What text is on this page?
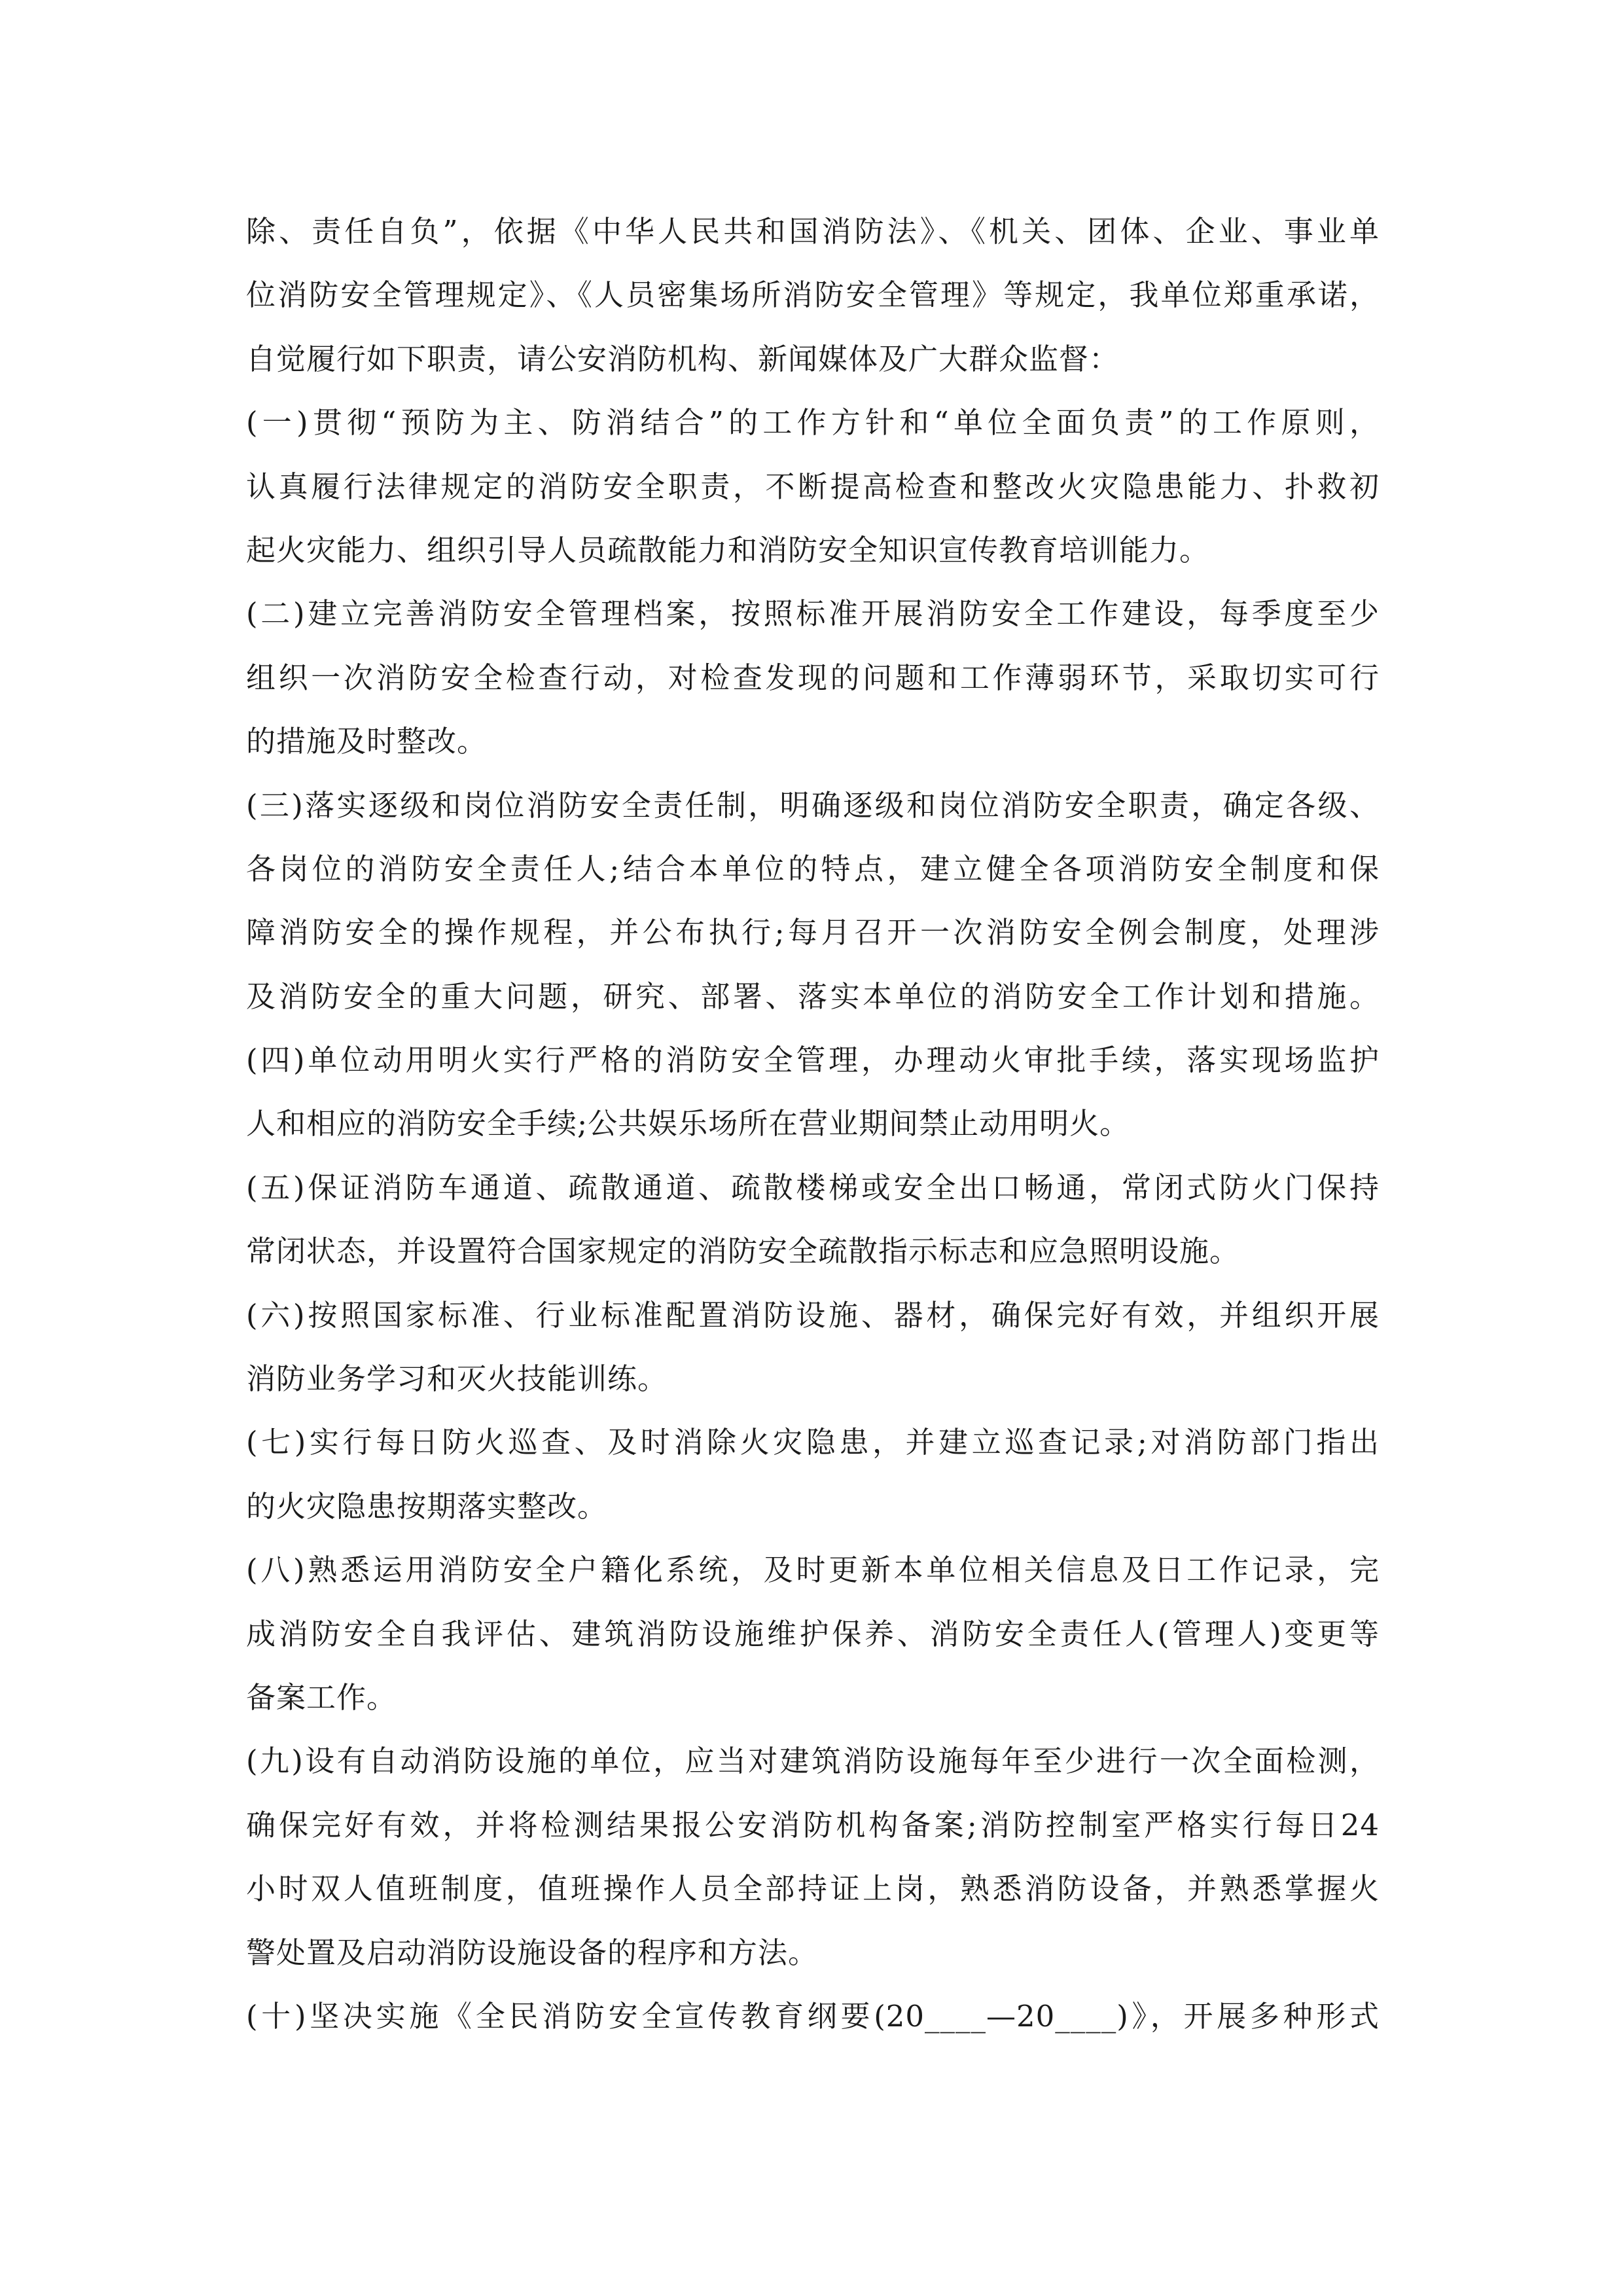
除、责任自负”，依据《中华人民共和国消防法》、《机关、团体、企业、事业单
位消防安全管理规定》、《人员密集场所消防安全管理》等规定，我单位郑重承诺，
自觉履行如下职责，请公安消防机构、新闻媒体及广大群众监督：
(一)贯彻“预防为主、防消结合”的工作方针和“单位全面负责”的工作原则，
认真履行法律规定的消防安全职责，不断提高检查和整改火灾隐患能力、扑救初
起火灾能力、组织引导人员疏散能力和消防安全知识宣传教育培训能力。
(二)建立完善消防安全管理档案，按照标准开展消防安全工作建设，每季度至少
组织一次消防安全检查行动，对检查发现的问题和工作薄弱环节，采取切实可行
的措施及时整改。
(三)落实逐级和岗位消防安全责任制，明确逐级和岗位消防安全职责，确定各级、
各岗位的消防安全责任人;结合本单位的特点，建立健全各项消防安全制度和保
障消防安全的操作规程，并公布执行;每月召开一次消防安全例会制度，处理涉
及消防安全的重大问题，研究、部署、落实本单位的消防安全工作计划和措施。
(四)单位动用明火实行严格的消防安全管理，办理动火审批手续，落实现场监护
人和相应的消防安全手续;公共娱乐场所在营业期间禁止动用明火。
(五)保证消防车通道、疏散通道、疏散楼梯或安全出口畅通，常闭式防火门保持
常闭状态，并设置符合国家规定的消防安全疏散指示标志和应急照明设施。
(六)按照国家标准、行业标准配置消防设施、器材，确保完好有效，并组织开展
消防业务学习和灭火技能训练。
(七)实行每日防火巡查、及时消除火灾隐患，并建立巡查记录;对消防部门指出
的火灾隐患按期落实整改。
(八)熟悉运用消防安全户籍化系统，及时更新本单位相关信息及日工作记录，完
成消防安全自我评估、建筑消防设施维护保养、消防安全责任人(管理人)变更等
备案工作。
(九)设有自动消防设施的单位，应当对建筑消防设施每年至少进行一次全面检测，
确保完好有效，并将检测结果报公安消防机构备案;消防控制室严格实行每日24
小时双人值班制度，值班操作人员全部持证上岗，熟悉消防设备，并熟悉掌握火
警处置及启动消防设施设备的程序和方法。
(十)坚决实施《全民消防安全宣传教育纲要(20____—20____)》，开展多种形式
